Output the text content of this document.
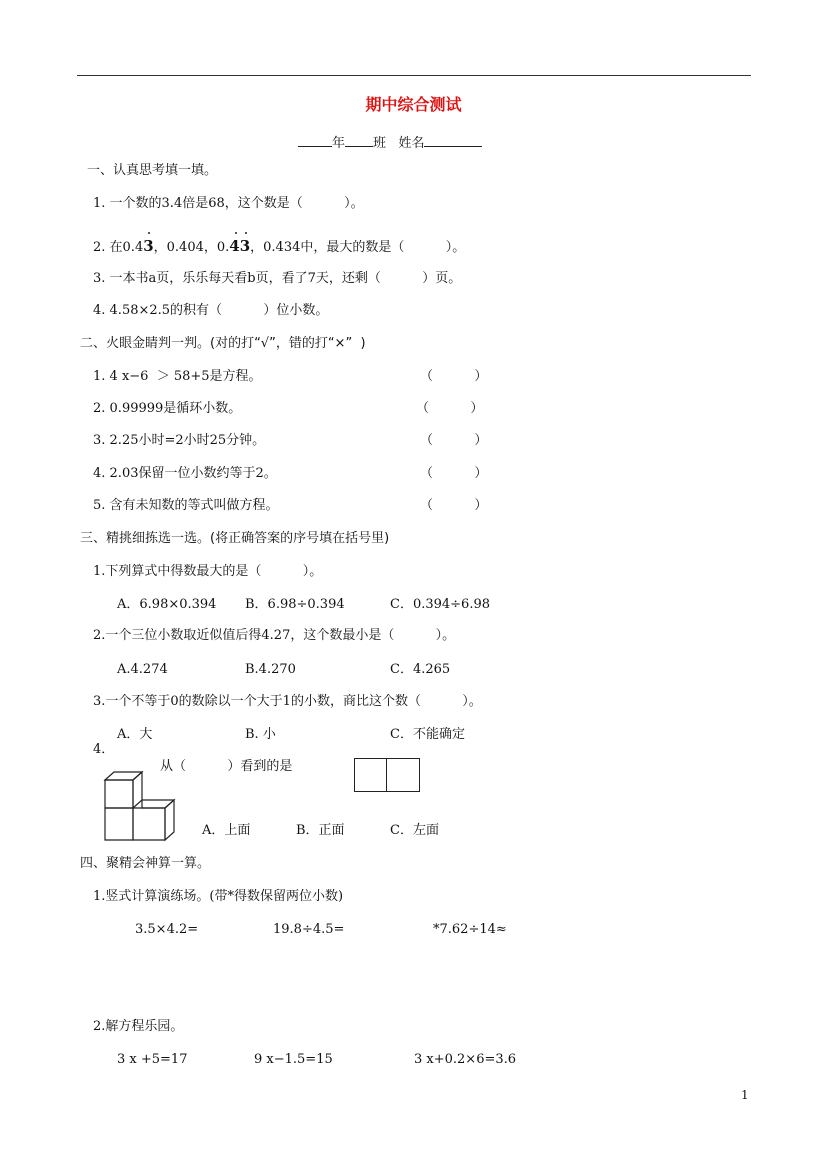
期中综合测试
年 班 姓名
一、认真思考填一填。
1. 一个数的3.4倍是68，这个数是（          ）。
2. 在0.43
，0.404，0.4
3
，0.434中，最大的数是（          ）。
3. 一本书a页，乐乐每天看b页，看了7天，还剩（          ）页。
4. 4.58×2.5的积有（          ）位小数。
二、火眼金睛判一判。(对的打“√”，错的打“×”  )
1. 4 x−6  ＞ 58+5是方程。	（          ）
2. 0.99999是循环小数。	（          ）
3. 2.25小时=2小时25分钟。	（          ）
4. 2.03保留一位小数约等于2。	（          ）
5. 含有未知数的等式叫做方程。	（          ）
三、精挑细拣选一选。(将正确答案的序号填在括号里)
1.下列算式中得数最大的是（          ）。
A．6.98×0.394 B．6.98÷0.394	C．0.394÷6.98
2.一个三位小数取近似值后得4.27，这个数最小是（          ）。
A.4.274	B.4.270	C．4.265
3.一个不等于0的数除以一个大于1的小数，商比这个数（          ）。
A．大	B. 小	C．不能确定
4．
从（          ）看到的是
A．上面	B．正面	C．左面
四、聚精会神算一算。
1.竖式计算演练场。(带*得数保留两位小数)
3.5×4.2=	19.8÷4.5=	*7.62÷14≈
2.解方程乐园。
3 x +5=17	9 x−1.5=15	3 x+0.2×6=3.6
1
